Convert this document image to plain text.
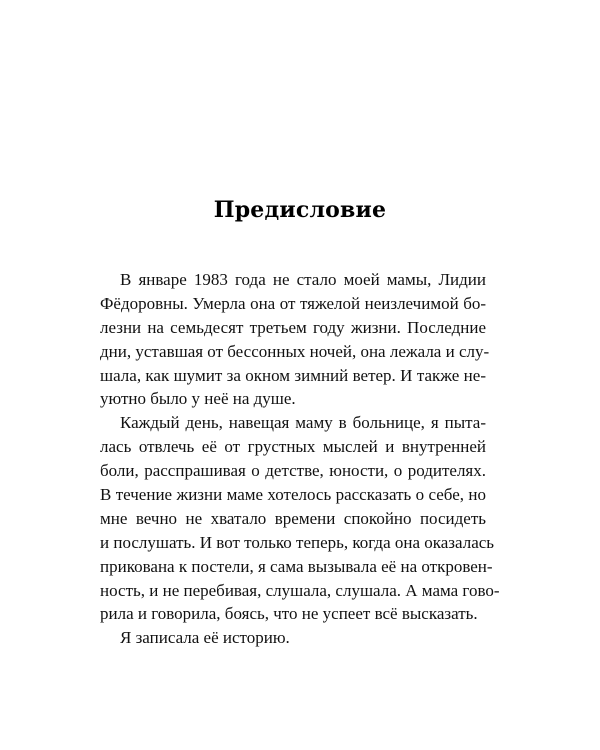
Предисловие
В январе 1983 года не стало моей мамы, Лидии
Фёдоровны. Умерла она от тяжелой неизлечимой бо-
лезни на семьдесят третьем году жизни. Последние
дни, уставшая от бессонных ночей, она лежала и слу-
шала, как шумит за окном зимний ветер. И также не-
уютно было у неё на душе.
Каждый день, навещая маму в больнице, я пыта-
лась отвлечь её от грустных мыслей и внутренней
боли, расспрашивая о детстве, юности, о родителях.
В течение жизни маме хотелось рассказать о себе, но
мне вечно не хватало времени спокойно посидеть
и послушать. И вот только теперь, когда она оказалась
прикована к постели, я сама вызывала её на откровен-
ность, и не перебивая, слушала, слушала. А мама гово-
рила и говорила, боясь, что не успеет всё высказать.
Я записала её историю.
